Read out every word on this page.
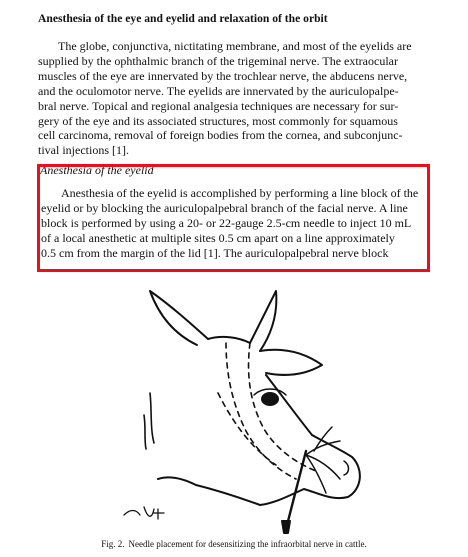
Anesthesia of the eye and eyelid and relaxation of the orbit
The globe, conjunctiva, nictitating membrane, and most of the eyelids are
supplied by the ophthalmic branch of the trigeminal nerve. The extraocular
muscles of the eye are innervated by the trochlear nerve, the abducens nerve,
and the oculomotor nerve. The eyelids are innervated by the auriculopalpe-
bral nerve. Topical and regional analgesia techniques are necessary for sur-
gery of the eye and its associated structures, most commonly for squamous
cell carcinoma, removal of foreign bodies from the cornea, and subconjunc-
tival injections [1].
Anesthesia of the eyelid
Anesthesia of the eyelid is accomplished by performing a line block of the
eyelid or by blocking the auriculopalpebral branch of the facial nerve. A line
block is performed by using a 20- or 22-gauge 2.5-cm needle to inject 10 mL
of a local anesthetic at multiple sites 0.5 cm apart on a line approximately
0.5 cm from the margin of the lid [1]. The auriculopalpebral nerve block
Fig. 2. Needle placement for desensitizing the infraorbital nerve in cattle.
